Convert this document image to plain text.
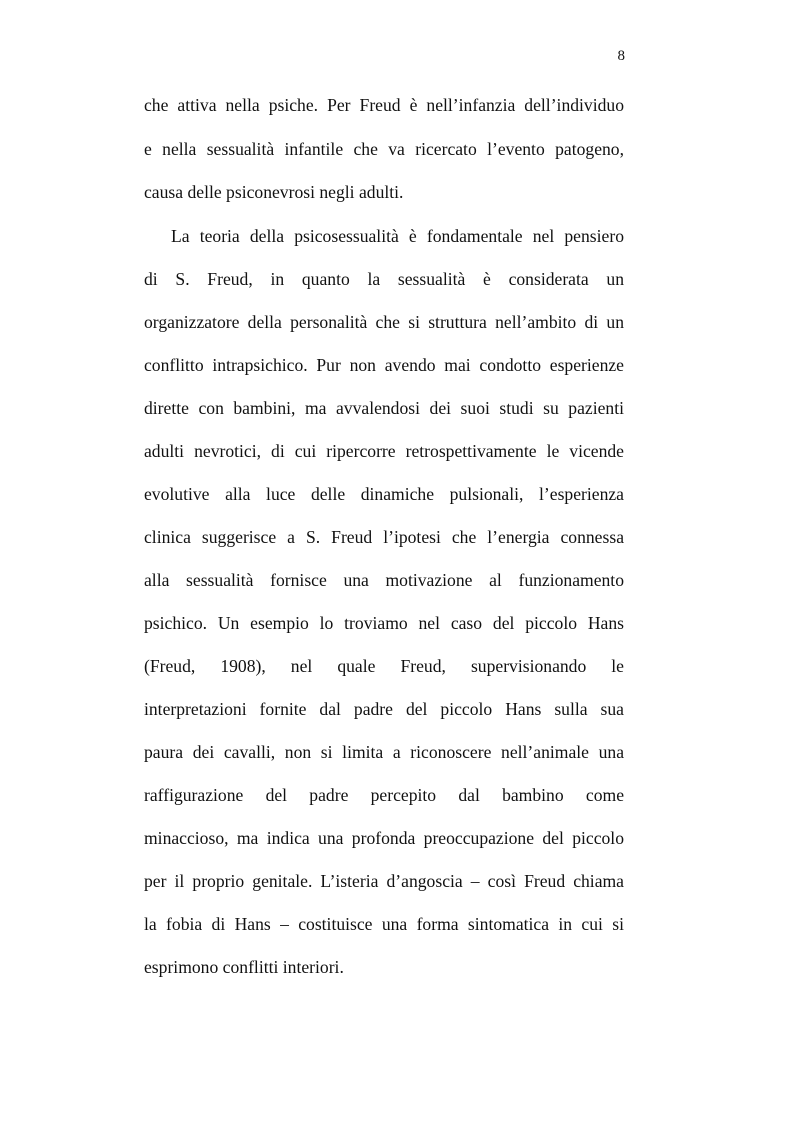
8
che attiva nella psiche. Per Freud è nell’infanzia dell’individuo
e nella sessualità infantile che va ricercato l’evento patogeno,
causa delle psiconevrosi negli adulti.
La teoria della psicosessualità è fondamentale nel pensiero
di S. Freud, in quanto la sessualità è considerata un
organizzatore della personalità che si struttura nell’ambito di un
conflitto intrapsichico. Pur non avendo mai condotto esperienze
dirette con bambini, ma avvalendosi dei suoi studi su pazienti
adulti nevrotici, di cui ripercorre retrospettivamente le vicende
evolutive alla luce delle dinamiche pulsionali, l’esperienza
clinica suggerisce a S. Freud l’ipotesi che l’energia connessa
alla sessualità fornisce una motivazione al funzionamento
psichico. Un esempio lo troviamo nel caso del piccolo Hans
(Freud, 1908), nel quale Freud, supervisionando le
interpretazioni fornite dal padre del piccolo Hans sulla sua
paura dei cavalli, non si limita a riconoscere nell’animale una
raffigurazione del padre percepito dal bambino come
minaccioso, ma indica una profonda preoccupazione del piccolo
per il proprio genitale. L’isteria d’angoscia – così Freud chiama
la fobia di Hans – costituisce una forma sintomatica in cui si
esprimono conflitti interiori.
